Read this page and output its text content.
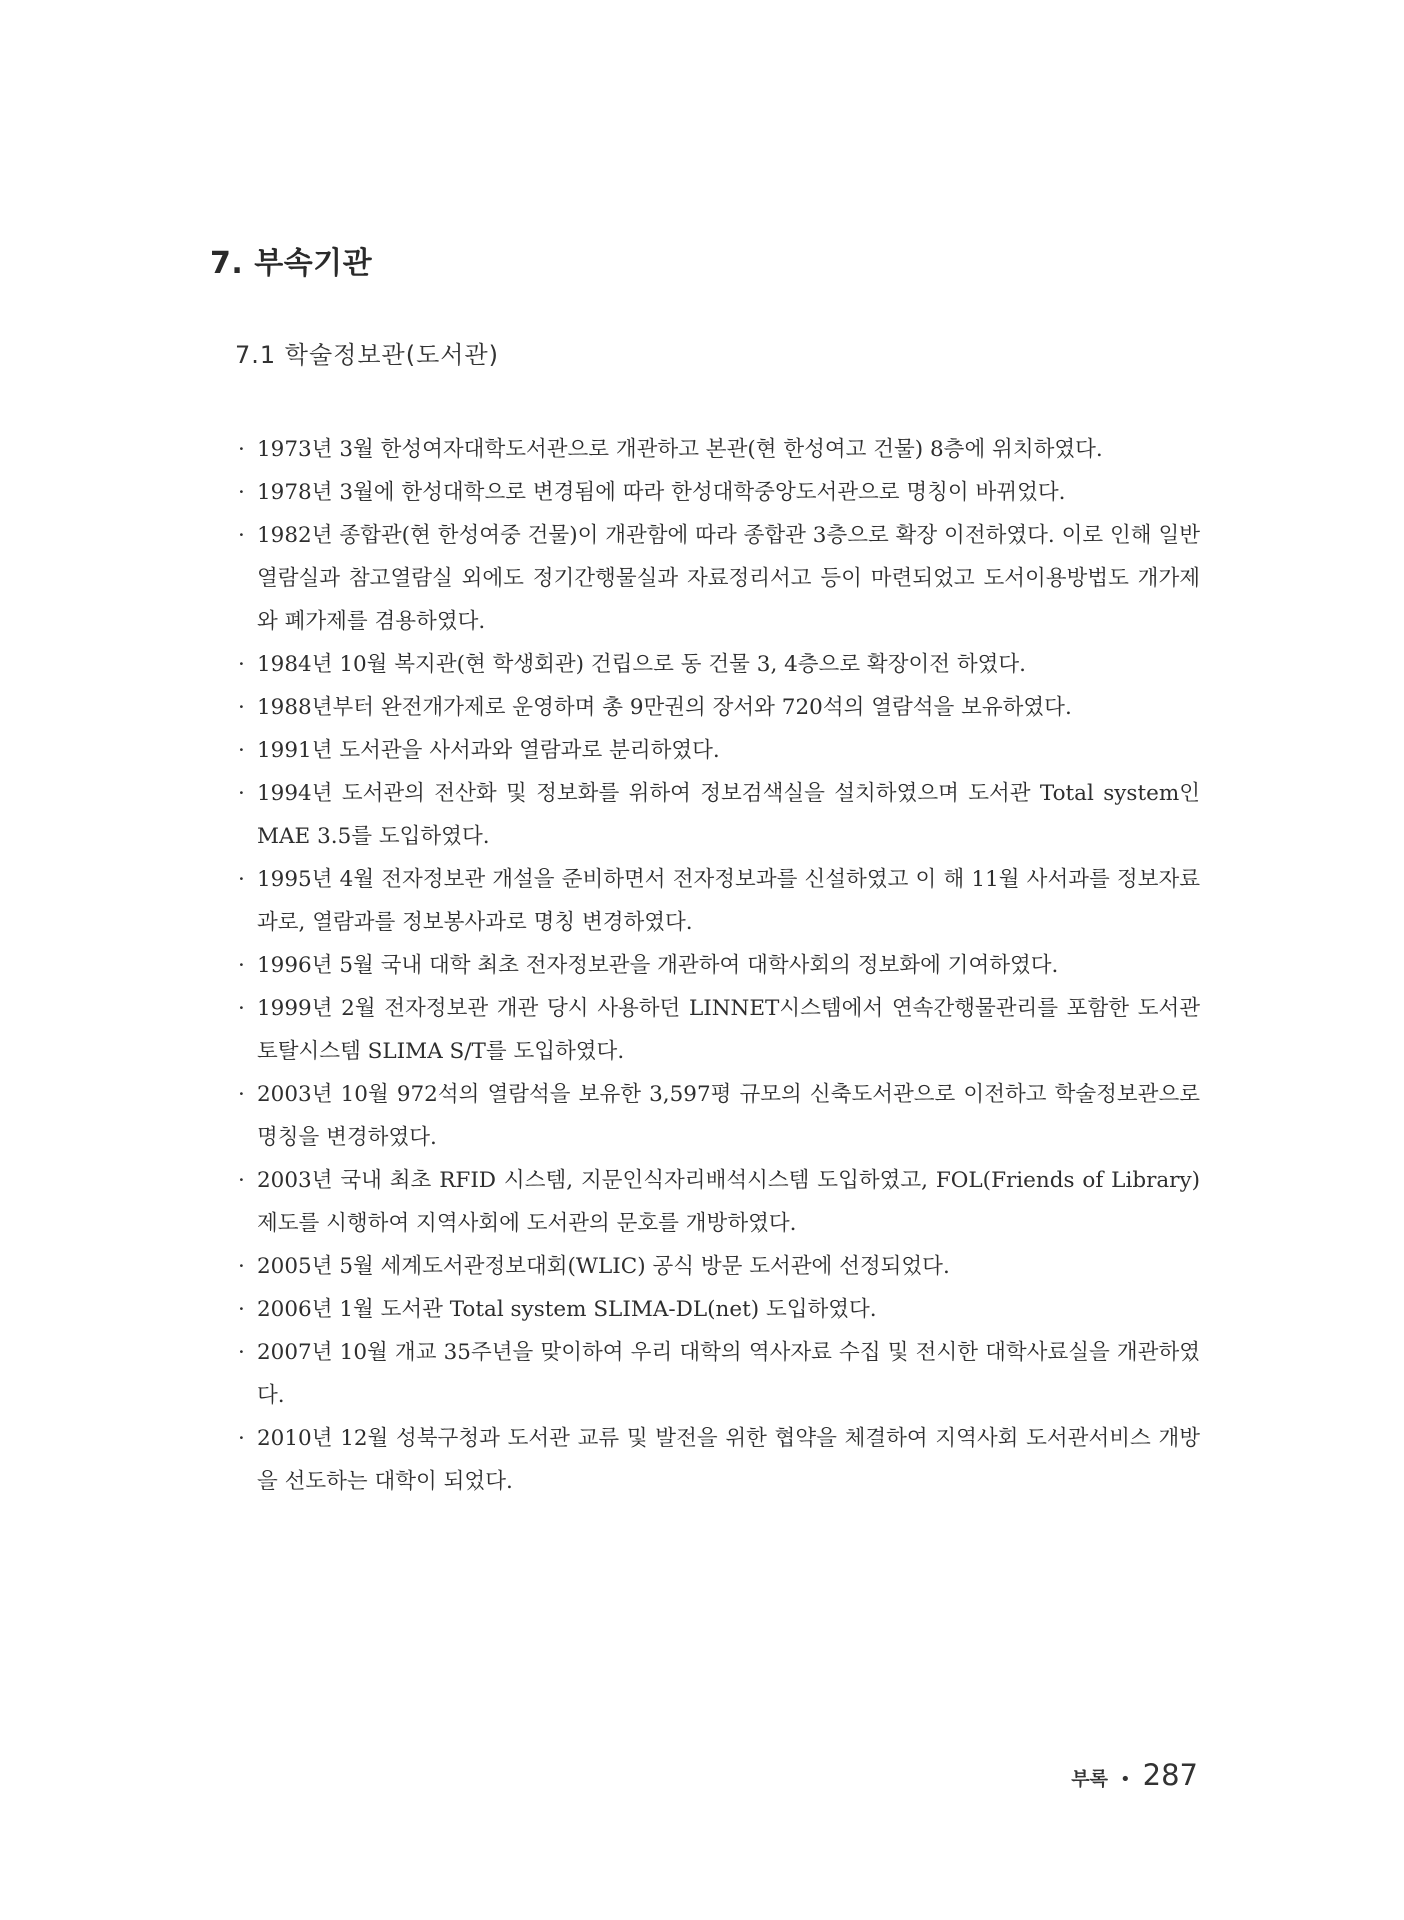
7. 부속기관
7.1 학술정보관(도서관)
· 1973년 3월 한성여자대학도서관으로 개관하고 본관(현 한성여고 건물) 8층에 위치하였다.
· 1978년 3월에 한성대학으로 변경됨에 따라 한성대학중앙도서관으로 명칭이 바뀌었다.
· 1982년 종합관(현 한성여중 건물)이 개관함에 따라 종합관 3층으로 확장 이전하였다. 이로 인해 일반열람실과 참고열람실 외에도 정기간행물실과 자료정리서고 등이 마련되었고 도서이용방법도 개가제와 폐가제를 겸용하였다.
· 1984년 10월 복지관(현 학생회관) 건립으로 동 건물 3, 4층으로 확장이전 하였다.
· 1988년부터 완전개가제로 운영하며 총 9만권의 장서와 720석의 열람석을 보유하였다.
· 1991년 도서관을 사서과와 열람과로 분리하였다.
· 1994년 도서관의 전산화 및 정보화를 위하여 정보검색실을 설치하였으며 도서관 Total system인 MAE 3.5를 도입하였다.
· 1995년 4월 전자정보관 개설을 준비하면서 전자정보과를 신설하였고 이 해 11월 사서과를 정보자료과로, 열람과를 정보봉사과로 명칭 변경하였다.
· 1996년 5월 국내 대학 최초 전자정보관을 개관하여 대학사회의 정보화에 기여하였다.
· 1999년 2월 전자정보관 개관 당시 사용하던 LINNET시스템에서 연속간행물관리를 포함한 도서관 토탈시스템 SLIMA S/T를 도입하였다.
· 2003년 10월 972석의 열람석을 보유한 3,597평 규모의 신축도서관으로 이전하고 학술정보관으로 명칭을 변경하였다.
· 2003년 국내 최초 RFID 시스템, 지문인식자리배석시스템 도입하였고, FOL(Friends of Library) 제도를 시행하여 지역사회에 도서관의 문호를 개방하였다.
· 2005년 5월 세계도서관정보대회(WLIC) 공식 방문 도서관에 선정되었다.
· 2006년 1월 도서관 Total system SLIMA-DL(net) 도입하였다.
· 2007년 10월 개교 35주년을 맞이하여 우리 대학의 역사자료 수집 및 전시한 대학사료실을 개관하였다.
· 2010년 12월 성북구청과 도서관 교류 및 발전을 위한 협약을 체결하여 지역사회 도서관서비스 개방을 선도하는 대학이 되었다.
부록 • 287
